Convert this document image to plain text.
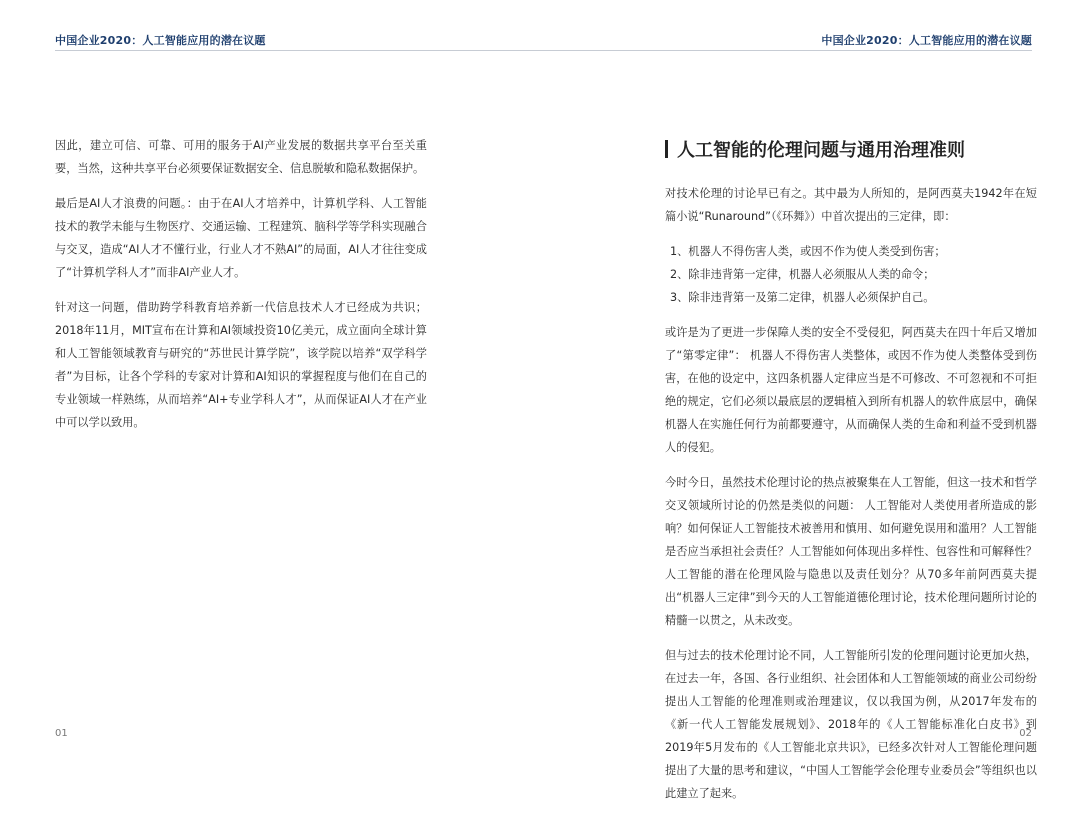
中国企业2020：人工智能应用的潜在议题

因此，建立可信、可靠、可用的服务于AI产业发展的数据共享平台至关重要，当然，这种共享平台必须要保证数据安全、信息脱敏和隐私数据保护。

最后是AI人才浪费的问题。：由于在AI人才培养中，计算机学科、人工智能技术的教学未能与生物医疗、交通运输、工程建筑、脑科学等学科实现融合与交叉，造成“AI人才不懂行业，行业人才不熟AI”的局面，AI人才往往变成了“计算机学科人才”而非AI产业人才。

针对这一问题，借助跨学科教育培养新一代信息技术人才已经成为共识；2018年11月，MIT宣布在计算和AI领域投资10亿美元，成立面向全球计算和人工智能领域教育与研究的“苏世民计算学院”，该学院以培养“双学科学者”为目标，让各个学科的专家对计算和AI知识的掌握程度与他们在自己的专业领域一样熟练，从而培养“AI+专业学科人才”，从而保证AI人才在产业中可以学以致用。

01
中国企业2020：人工智能应用的潜在议题
人工智能的伦理问题与通用治理准则

对技术伦理的讨论早已有之。其中最为人所知的，是阿西莫夫1942年在短篇小说“Runaround”（《环舞》）中首次提出的三定律，即：

1、机器人不得伤害人类，或因不作为使人类受到伤害；
2、除非违背第一定律，机器人必须服从人类的命令；
3、除非违背第一及第二定律，机器人必须保护自己。

或许是为了更进一步保障人类的安全不受侵犯，阿西莫夫在四十年后又增加了“第零定律”： 机器人不得伤害人类整体，或因不作为使人类整体受到伤害，在他的设定中，这四条机器人定律应当是不可修改、不可忽视和不可拒绝的规定，它们必须以最底层的逻辑植入到所有机器人的软件底层中，确保机器人在实施任何行为前都要遵守，从而确保人类的生命和利益不受到机器人的侵犯。

今时今日，虽然技术伦理讨论的热点被聚集在人工智能，但这一技术和哲学交叉领域所讨论的仍然是类似的问题： 人工智能对人类使用者所造成的影响？如何保证人工智能技术被善用和慎用、如何避免误用和滥用？人工智能是否应当承担社会责任？人工智能如何体现出多样性、包容性和可解释性？人工智能的潜在伦理风险与隐患以及责任划分？从70多年前阿西莫夫提出“机器人三定律”到今天的人工智能道德伦理讨论，技术伦理问题所讨论的精髓一以贯之，从未改变。

但与过去的技术伦理讨论不同，人工智能所引发的伦理问题讨论更加火热，在过去一年，各国、各行业组织、社会团体和人工智能领域的商业公司纷纷提出人工智能的伦理准则或治理建议，仅以我国为例，从2017年发布的《新一代人工智能发展规划》、2018年的《人工智能标准化白皮书》到2019年5月发布的《人工智能北京共识》，已经多次针对人工智能伦理问题提出了大量的思考和建议，“中国人工智能学会伦理专业委员会”等组织也以此建立了起来。

02
